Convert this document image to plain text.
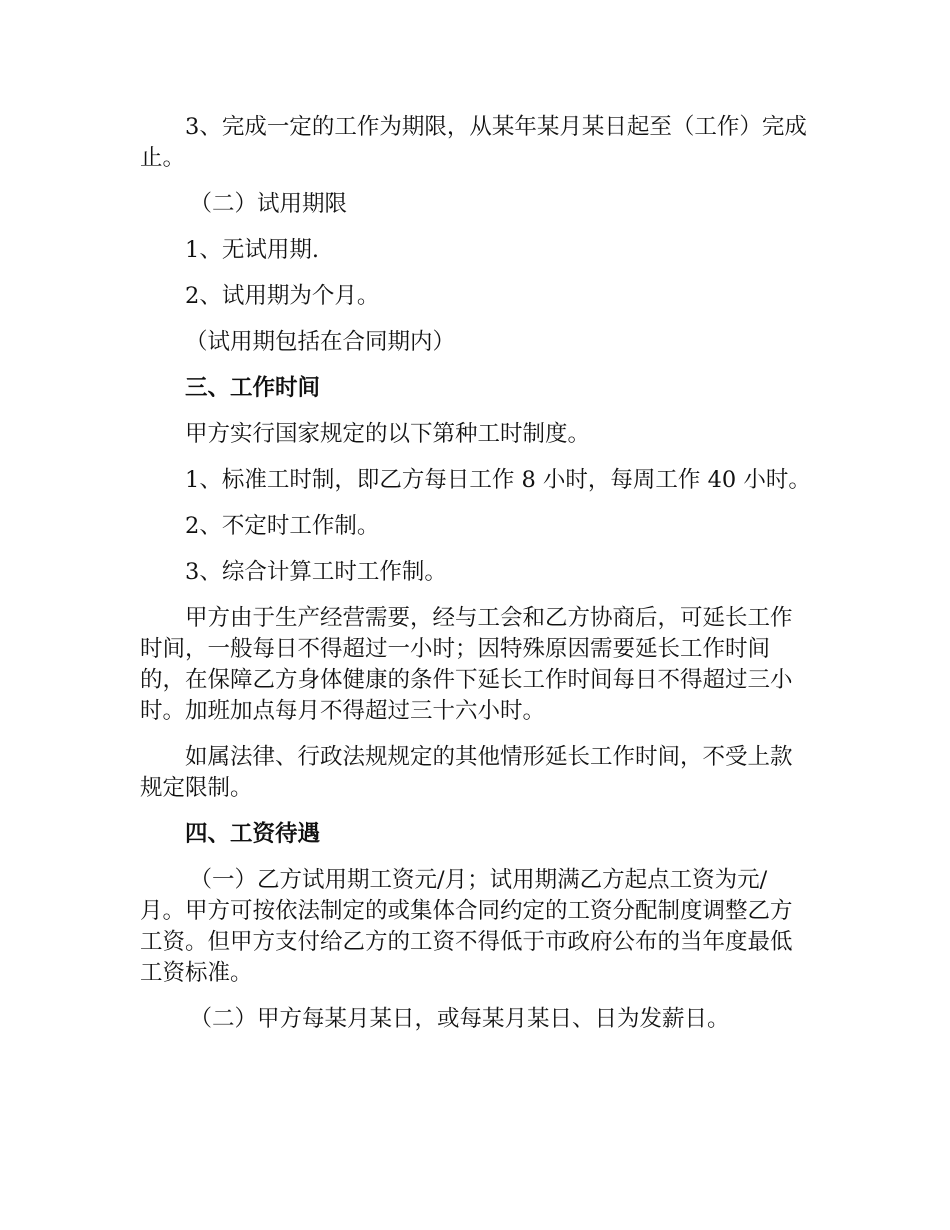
3、完成一定的工作为期限，从某年某月某日起至（工作）完成止。

（二）试用期限

1、无试用期.

2、试用期为个月。

（试用期包括在合同期内）

三、工作时间

甲方实行国家规定的以下第种工时制度。

1、标准工时制，即乙方每日工作 8 小时，每周工作 40 小时。

2、不定时工作制。

3、综合计算工时工作制。

甲方由于生产经营需要，经与工会和乙方协商后，可延长工作时间，一般每日不得超过一小时；因特殊原因需要延长工作时间的，在保障乙方身体健康的条件下延长工作时间每日不得超过三小时。加班加点每月不得超过三十六小时。

如属法律、行政法规规定的其他情形延长工作时间，不受上款规定限制。

四、工资待遇

（一）乙方试用期工资元/月；试用期满乙方起点工资为元/月。甲方可按依法制定的或集体合同约定的工资分配制度调整乙方工资。但甲方支付给乙方的工资不得低于市政府公布的当年度最低工资标准。

（二）甲方每某月某日，或每某月某日、日为发薪日。
